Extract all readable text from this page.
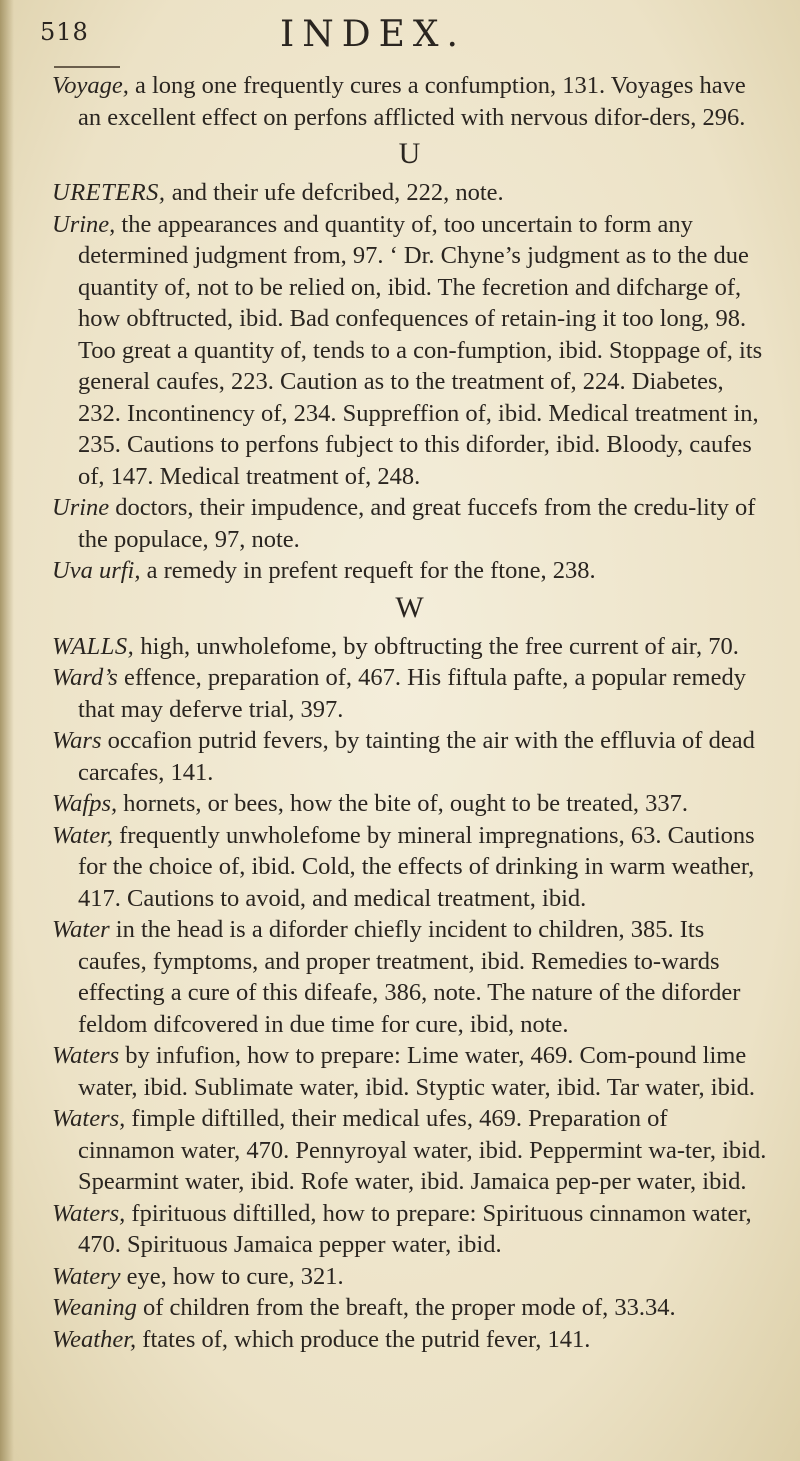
518	INDEX.

Voyage, a long one frequently cures a confumption, 131. Voyages have an excellent effect on perfons afflicted with nervous difor-ders, 296.

U

URETERS, and their ufe defcribed, 222, note.

Urine, the appearances and quantity of, too uncertain to form any determined judgment from, 97. ‘ Dr. Chyne’s judgment as to the due quantity of, not to be relied on, ibid. The fecretion and difcharge of, how obftructed, ibid. Bad confequences of retain-ing it too long, 98. Too great a quantity of, tends to a con-fumption, ibid. Stoppage of, its general caufes, 223. Caution as to the treatment of, 224. Diabetes, 232. Incontinency of, 234. Suppreffion of, ibid. Medical treatment in, 235. Cautions to perfons fubject to this diforder, ibid. Bloody, caufes of, 147. Medical treatment of, 248.

Urine doctors, their impudence, and great fuccefs from the credu-lity of the populace, 97, note.

Uva urfi, a remedy in prefent requeft for the ftone, 238.

W

WALLS, high, unwholefome, by obftructing the free current of air, 70.

Ward’s effence, preparation of, 467. His fiftula pafte, a popular remedy that may deferve trial, 397.

Wars occafion putrid fevers, by tainting the air with the effluvia of dead carcafes, 141.

Wafps, hornets, or bees, how the bite of, ought to be treated, 337.

Water, frequently unwholefome by mineral impregnations, 63. Cautions for the choice of, ibid. Cold, the effects of drinking in warm weather, 417. Cautions to avoid, and medical treatment, ibid.

Water in the head is a diforder chiefly incident to children, 385. Its caufes, fymptoms, and proper treatment, ibid. Remedies to-wards effecting a cure of this difeafe, 386, note. The nature of the diforder feldom difcovered in due time for cure, ibid, note.

Waters by infufion, how to prepare: Lime water, 469. Com-pound lime water, ibid. Sublimate water, ibid. Styptic water, ibid. Tar water, ibid.

Waters, fimple diftilled, their medical ufes, 469. Preparation of cinnamon water, 470. Pennyroyal water, ibid. Peppermint wa-ter, ibid. Spearmint water, ibid. Rofe water, ibid. Jamaica pep-per water, ibid.

Waters, fpirituous diftilled, how to prepare: Spirituous cinnamon water, 470. Spirituous Jamaica pepper water, ibid.

Watery eye, how to cure, 321.

Weaning of children from the breaft, the proper mode of, 33.34.

Weather, ftates of, which produce the putrid fever, 141.
